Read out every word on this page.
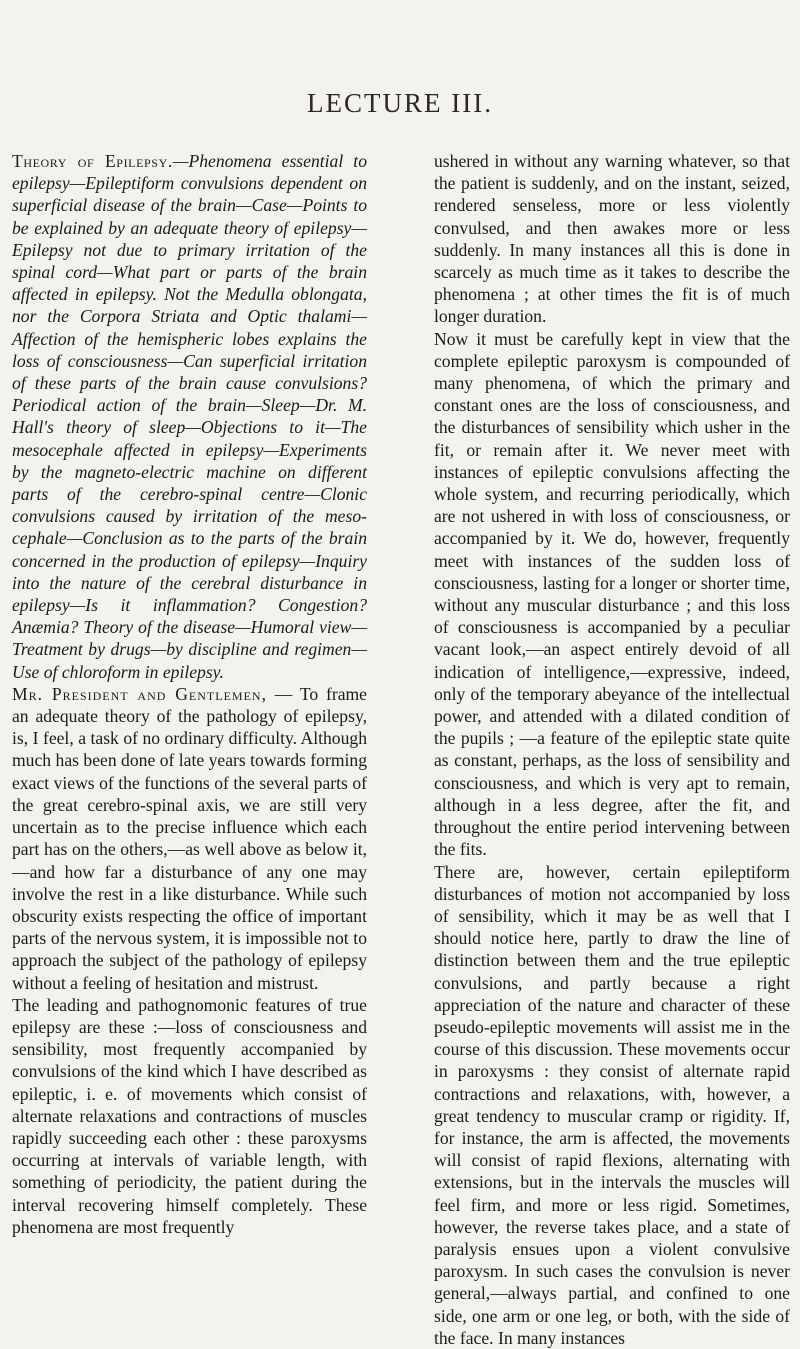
LECTURE III.

Theory of Epilepsy.—Phenomena essential to epilepsy—Epileptiform convulsions dependent on superficial disease of the brain—Case—Points to be explained by an adequate theory of epilepsy—Epilepsy not due to primary irritation of the spinal cord—What part or parts of the brain affected in epilepsy. Not the Medulla oblongata, nor the Corpora Striata and Optic thalami—Affection of the hemispheric lobes explains the loss of consciousness—Can superficial irritation of these parts of the brain cause convulsions? Periodical action of the brain—Sleep—Dr. M. Hall's theory of sleep—Objections to it—The mesocephale affected in epilepsy—Experiments by the magneto-electric machine on different parts of the cerebro-spinal centre—Clonic convulsions caused by irritation of the meso-cephale—Conclusion as to the parts of the brain concerned in the production of epilepsy—Inquiry into the nature of the cerebral disturbance in epilepsy—Is it inflammation? Congestion? Anæmia? Theory of the disease—Humoral view—Treatment by drugs—by discipline and regimen—Use of chloroform in epilepsy.

Mr. President and Gentlemen, — To frame an adequate theory of the pathology of epilepsy, is, I feel, a task of no ordinary difficulty. Although much has been done of late years towards forming exact views of the functions of the several parts of the great cerebro-spinal axis, we are still very uncertain as to the precise influence which each part has on the others,—as well above as below it,—and how far a disturbance of any one may involve the rest in a like disturbance. While such obscurity exists respecting the office of important parts of the nervous system, it is impossible not to approach the subject of the pathology of epilepsy without a feeling of hesitation and mistrust.

The leading and pathognomonic features of true epilepsy are these :—loss of consciousness and sensibility, most frequently accompanied by convulsions of the kind which I have described as epileptic, i. e. of movements which consist of alternate relaxations and contractions of muscles rapidly succeeding each other : these paroxysms occurring at intervals of variable length, with something of periodicity, the patient during the interval recovering himself completely. These phenomena are most frequently

ushered in without any warning whatever, so that the patient is suddenly, and on the instant, seized, rendered senseless, more or less violently convulsed, and then awakes more or less suddenly. In many instances all this is done in scarcely as much time as it takes to describe the phenomena ; at other times the fit is of much longer duration.

Now it must be carefully kept in view that the complete epileptic paroxysm is compounded of many phenomena, of which the primary and constant ones are the loss of consciousness, and the disturbances of sensibility which usher in the fit, or remain after it. We never meet with instances of epileptic convulsions affecting the whole system, and recurring periodically, which are not ushered in with loss of consciousness, or accompanied by it. We do, however, frequently meet with instances of the sudden loss of consciousness, lasting for a longer or shorter time, without any muscular disturbance ; and this loss of consciousness is accompanied by a peculiar vacant look,—an aspect entirely devoid of all indication of intelligence,—expressive, indeed, only of the temporary abeyance of the intellectual power, and attended with a dilated condition of the pupils ; —a feature of the epileptic state quite as constant, perhaps, as the loss of sensibility and consciousness, and which is very apt to remain, although in a less degree, after the fit, and throughout the entire period intervening between the fits.

There are, however, certain epileptiform disturbances of motion not accompanied by loss of sensibility, which it may be as well that I should notice here, partly to draw the line of distinction between them and the true epileptic convulsions, and partly because a right appreciation of the nature and character of these pseudo-epileptic movements will assist me in the course of this discussion. These movements occur in paroxysms : they consist of alternate rapid contractions and relaxations, with, however, a great tendency to muscular cramp or rigidity. If, for instance, the arm is affected, the movements will consist of rapid flexions, alternating with extensions, but in the intervals the muscles will feel firm, and more or less rigid. Sometimes, however, the reverse takes place, and a state of paralysis ensues upon a violent convulsive paroxysm. In such cases the convulsion is never general,—always partial, and confined to one side, one arm or one leg, or both, with the side of the face. In many instances
